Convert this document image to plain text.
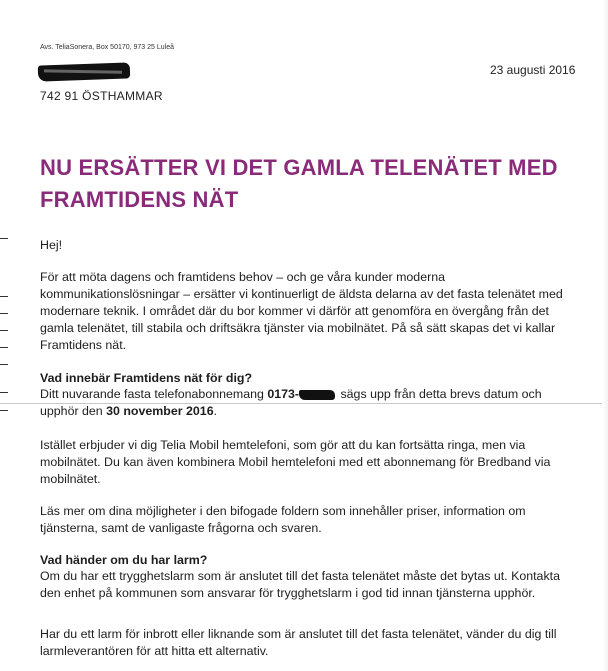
Avs. TeliaSonera, Box 50170, 973 25 Luleå
23 augusti 2016
742 91 ÖSTHAMMAR
NU ERSÄTTER VI DET GAMLA TELENÄTET MED FRAMTIDENS NÄT
Hej!
För att möta dagens och framtidens behov – och ge våra kunder moderna kommunikationslösningar – ersätter vi kontinuerligt de äldsta delarna av det fasta telenätet med modernare teknik. I området där du bor kommer vi därför att genomföra en övergång från det gamla telenätet, till stabila och driftsäkra tjänster via mobilnätet. På så sätt skapas det vi kallar Framtidens nät.
Vad innebär Framtidens nät för dig?
Ditt nuvarande fasta telefonabonnemang 0173-	sägs upp från detta brevs datum och upphör den 30 november 2016.
Istället erbjuder vi dig Telia Mobil hemtelefoni, som gör att du kan fortsätta ringa, men via mobilnätet. Du kan även kombinera Mobil hemtelefoni med ett abonnemang för Bredband via mobilnätet.
Läs mer om dina möjligheter i den bifogade foldern som innehåller priser, information om tjänsterna, samt de vanligaste frågorna och svaren.
Vad händer om du har larm?
Om du har ett trygghetslarm som är anslutet till det fasta telenätet måste det bytas ut. Kontakta den enhet på kommunen som ansvarar för trygghetslarm i god tid innan tjänsterna upphör.
Har du ett larm för inbrott eller liknande som är anslutet till det fasta telenätet, vänder du dig till larmleverantören för att hitta ett alternativ.
